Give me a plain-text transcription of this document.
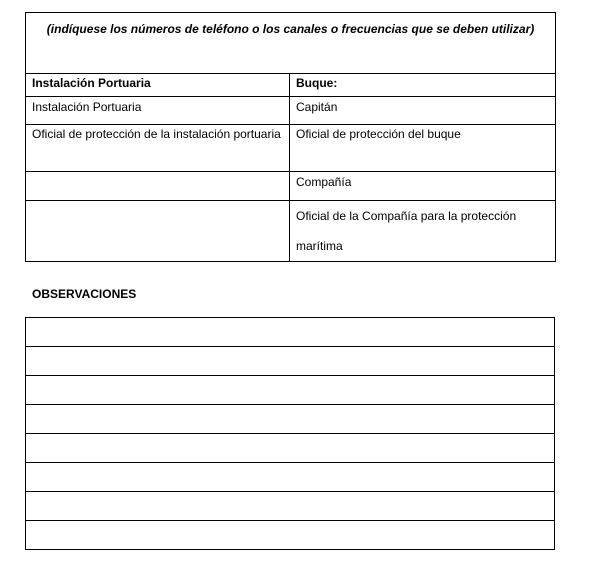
(indíquese los números de teléfono o los canales o frecuencias que se deben utilizar)	
Instalación Portuaria	Buque:
Instalación Portuaria	Capitán
Oficial de protección de la instalación portuaria	Oficial de protección del buque
	Compañía
	Oficial de la Compañía para la protección marítima

OBSERVACIONES
